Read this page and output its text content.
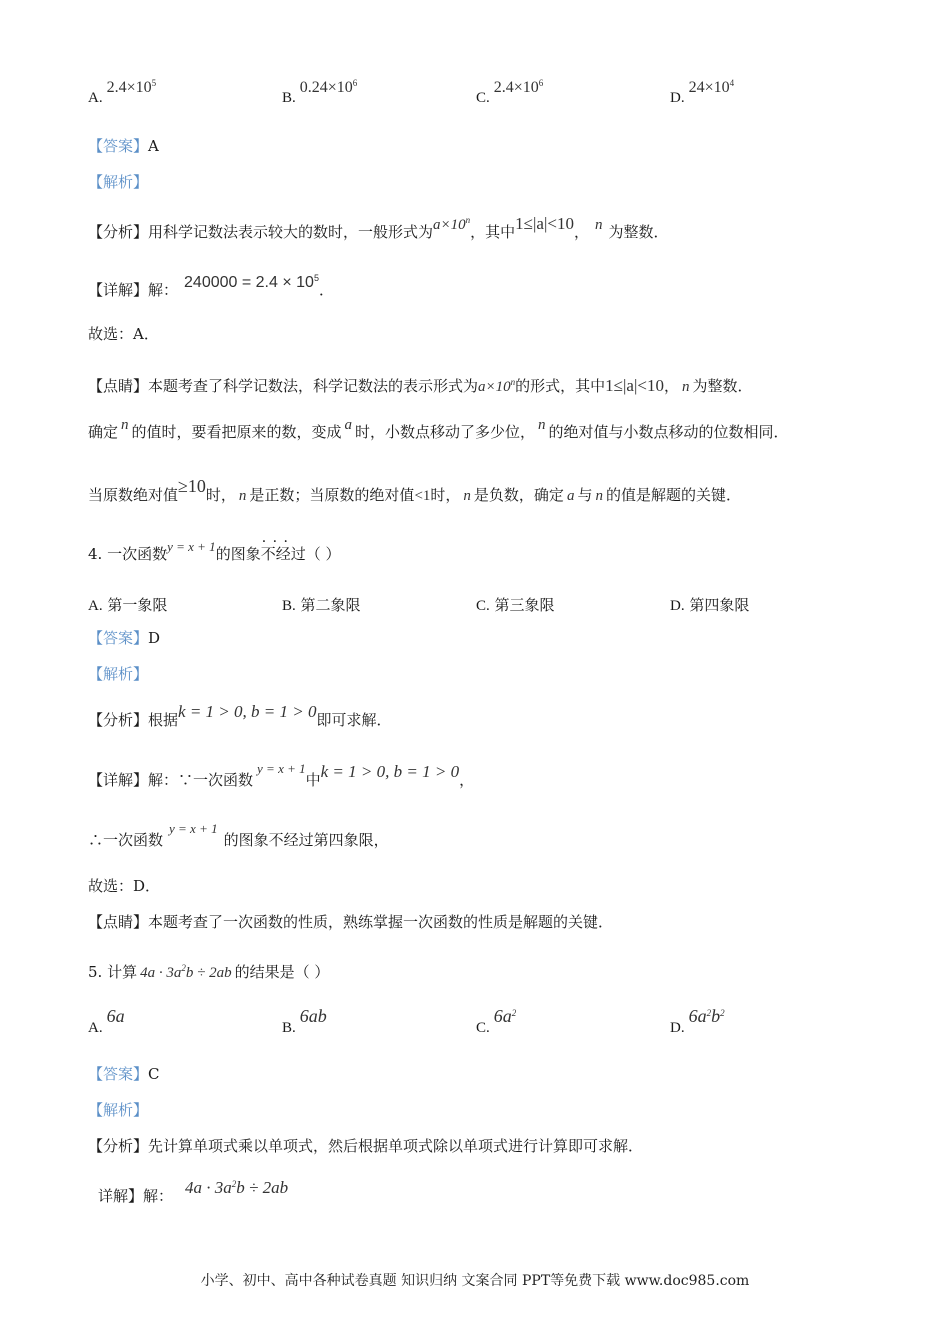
$A.2.4\times 10^5$
$B.0.24\times 10^6$
$C.2.4\times 10^6$
$D.24\times 10^4$
【答案】A
【解析】
【分析】用科学记数法表示较大的数时，一般形式为$a\times 10^n$，其中1≤|a|<10， n 为整数．
【详解】解： $240000 = 2.4 \times 10^5$．
故选：A．
【点睛】本题考查了科学记数法，科学记数法的表示形式为$a\times 10^n$的形式，其中1≤|a|<10， n 为整数．
确定 n 的值时，要看把原来的数，变成 a 时，小数点移动了多少位， n 的绝对值与小数点移动的位数相同．
当原数绝对值≥10时， n 是正数；当原数的绝对值<1时， n 是负数，确定 a 与 n 的值是解题的关键．
4. 一次函数y = x + 1的图象· · · 不经过（ ）
A. 第一象限	B. 第二象限	C. 第三象限	D. 第四象限
【答案】D
【解析】
【分析】根据k = 1 > 0, b = 1 > 0即可求解．
【详解】解：∵一次函数y = x + 1中k = 1 > 0, b = 1 > 0，
∴一次函数y = x + 1的图象不经过第四象限，
故选：D．
【点睛】本题考查了一次函数的性质，熟练掌握一次函数的性质是解题的关键．
5. 计算 $4a \cdot 3a^2b \div 2ab$ 的结果是（ ）
A.6a
B.6ab
$C.6a^2$
$D.6a^2b^2$
【答案】C
【解析】
【分析】先计算单项式乘以单项式，然后根据单项式除以单项式进行计算即可求解．
详解】解： $4a \cdot 3a^2b \div 2ab$
小学、初中、高中各种试卷真题 知识归纳 文案合同 PPT等免费下载 www.doc985.com
